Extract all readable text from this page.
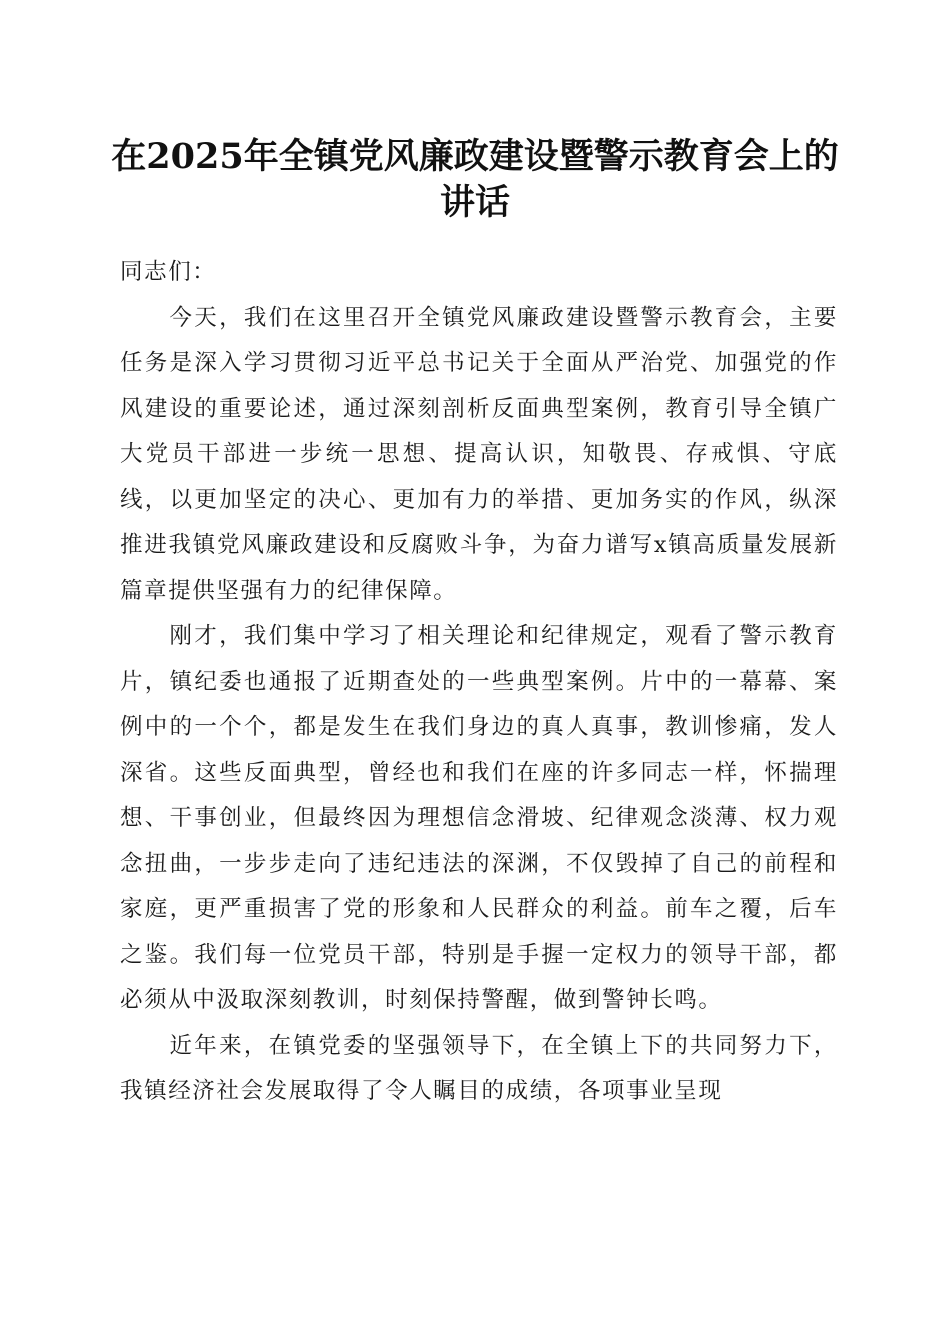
在2025年全镇党风廉政建设暨警示教育会上的讲话

同志们：

今天，我们在这里召开全镇党风廉政建设暨警示教育会，主要任务是深入学习贯彻习近平总书记关于全面从严治党、加强党的作风建设的重要论述，通过深刻剖析反面典型案例，教育引导全镇广大党员干部进一步统一思想、提高认识，知敬畏、存戒惧、守底线，以更加坚定的决心、更加有力的举措、更加务实的作风，纵深推进我镇党风廉政建设和反腐败斗争，为奋力谱写x镇高质量发展新篇章提供坚强有力的纪律保障。

刚才，我们集中学习了相关理论和纪律规定，观看了警示教育片，镇纪委也通报了近期查处的一些典型案例。片中的一幕幕、案例中的一个个，都是发生在我们身边的真人真事，教训惨痛，发人深省。这些反面典型，曾经也和我们在座的许多同志一样，怀揣理想、干事创业，但最终因为理想信念滑坡、纪律观念淡薄、权力观念扭曲，一步步走向了违纪违法的深渊，不仅毁掉了自己的前程和家庭，更严重损害了党的形象和人民群众的利益。前车之覆，后车之鉴。我们每一位党员干部，特别是手握一定权力的领导干部，都必须从中汲取深刻教训，时刻保持警醒，做到警钟长鸣。

近年来，在镇党委的坚强领导下，在全镇上下的共同努力下，我镇经济社会发展取得了令人瞩目的成绩，各项事业呈现
